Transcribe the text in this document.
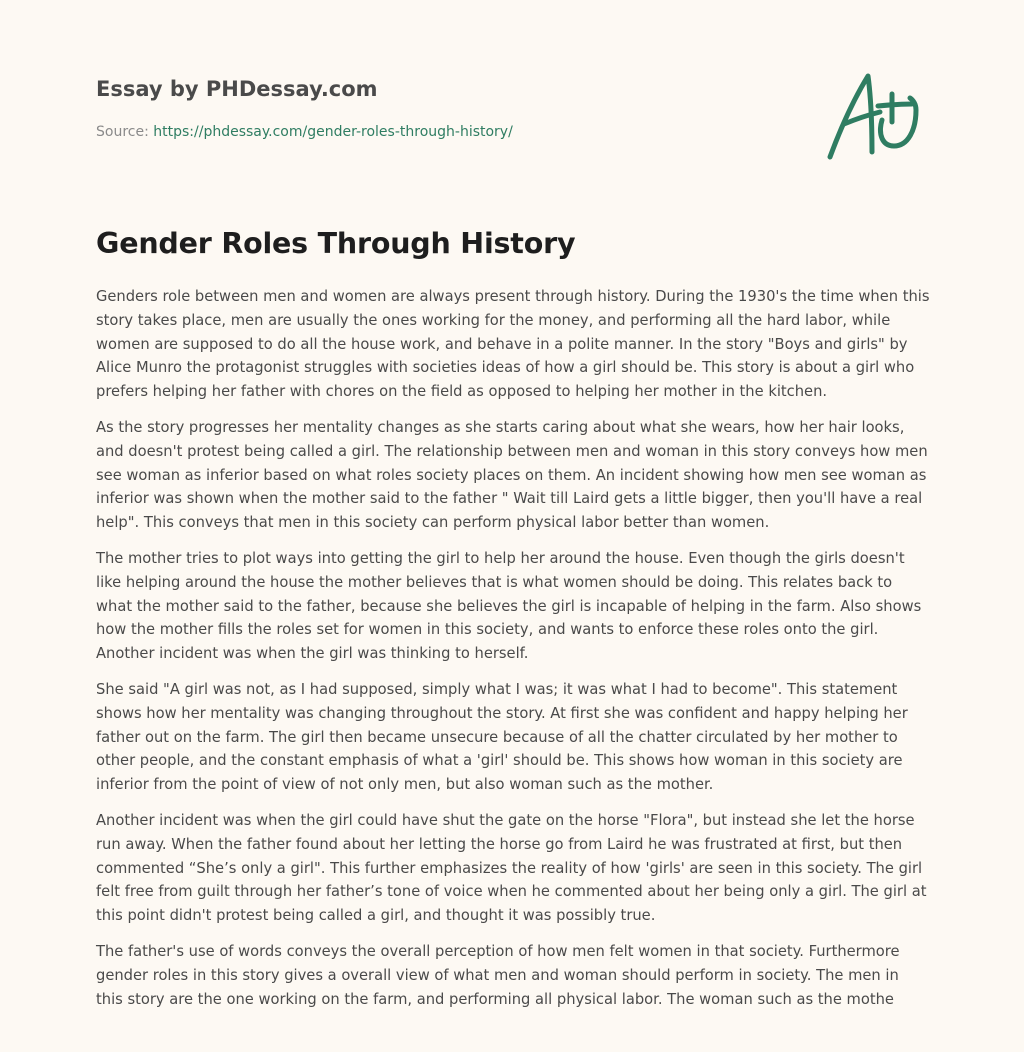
Essay by PHDessay.com
Source: https://phdessay.com/gender-roles-through-history/
Gender Roles Through History

Genders role between men and women are always present through history. During the 1930's the time when this story takes place, men are usually the ones working for the money, and performing all the hard labor, while women are supposed to do all the house work, and behave in a polite manner. In the story "Boys and girls" by Alice Munro the protagonist struggles with societies ideas of how a girl should be. This story is about a girl who prefers helping her father with chores on the field as opposed to helping her mother in the kitchen.

As the story progresses her mentality changes as she starts caring about what she wears, how her hair looks, and doesn't protest being called a girl. The relationship between men and woman in this story conveys how men see woman as inferior based on what roles society places on them. An incident showing how men see woman as inferior was shown when the mother said to the father " Wait till Laird gets a little bigger, then you'll have a real help". This conveys that men in this society can perform physical labor better than women.

The mother tries to plot ways into getting the girl to help her around the house. Even though the girls doesn't like helping around the house the mother believes that is what women should be doing. This relates back to what the mother said to the father, because she believes the girl is incapable of helping in the farm. Also shows how the mother fills the roles set for women in this society, and wants to enforce these roles onto the girl. Another incident was when the girl was thinking to herself.

She said "A girl was not, as I had supposed, simply what I was; it was what I had to become". This statement shows how her mentality was changing throughout the story. At first she was confident and happy helping her father out on the farm. The girl then became unsecure because of all the chatter circulated by her mother to other people, and the constant emphasis of what a 'girl' should be. This shows how woman in this society are inferior from the point of view of not only men, but also woman such as the mother.

Another incident was when the girl could have shut the gate on the horse "Flora", but instead she let the horse run away. When the father found about her letting the horse go from Laird he was frustrated at first, but then commented “She’s only a girl". This further emphasizes the reality of how 'girls' are seen in this society. The girl felt free from guilt through her father’s tone of voice when he commented about her being only a girl. The girl at this point didn't protest being called a girl, and thought it was possibly true.

The father's use of words conveys the overall perception of how men felt women in that society. Furthermore gender roles in this story gives a overall view of what men and woman should perform in society. The men in this story are the one working on the farm, and performing all physical labor. The woman such as the mothe
